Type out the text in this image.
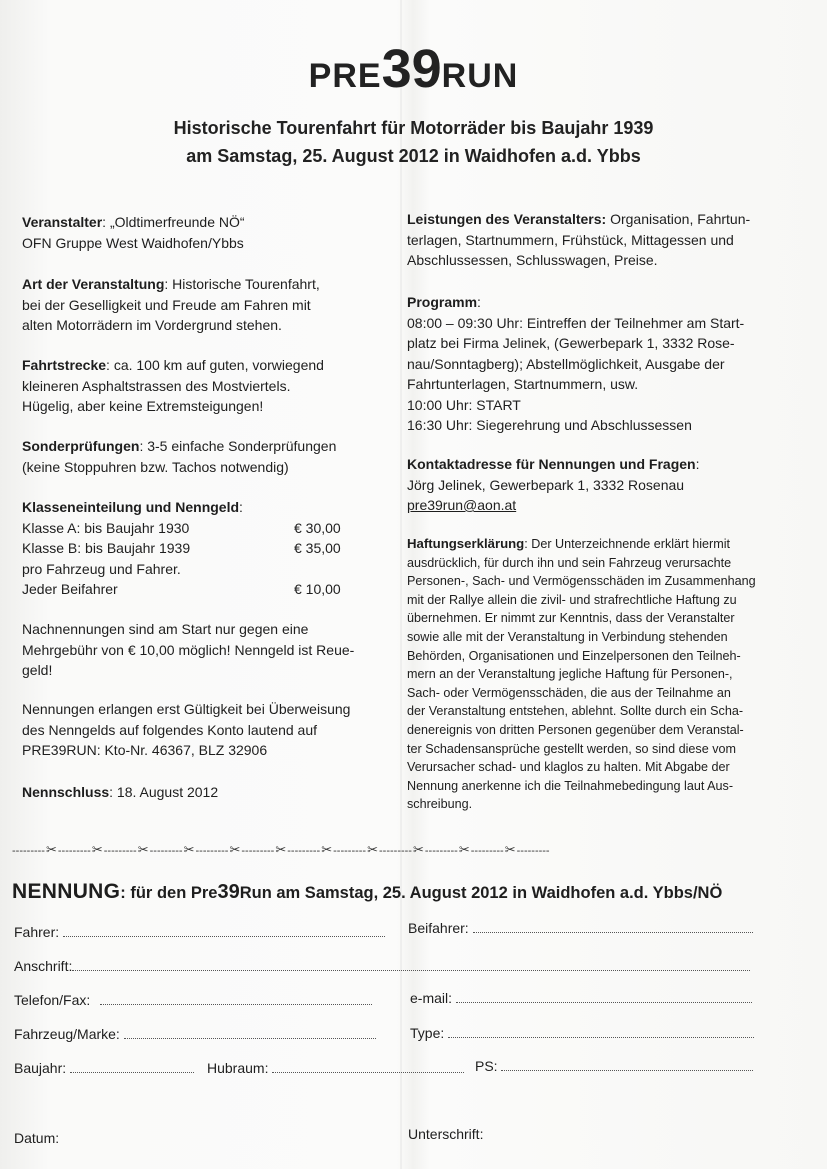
PRE39RUN
Historische Tourenfahrt für Motorräder bis Baujahr 1939
am Samstag, 25. August 2012 in Waidhofen a.d. Ybbs

Veranstalter: „Oldtimerfreunde NÖ“

OFN Gruppe West Waidhofen/Ybbs

Art der Veranstaltung: Historische Tourenfahrt,

bei der Geselligkeit und Freude am Fahren mit

alten Motorrädern im Vordergrund stehen.

Fahrtstrecke: ca. 100 km auf guten, vorwiegend

kleineren Asphaltstrassen des Mostviertels.

Hügelig, aber keine Extremsteigungen!

Sonderprüfungen: 3-5 einfache Sonderprüfungen

(keine Stoppuhren bzw. Tachos notwendig)

Klasseneinteilung und Nenngeld:

Klasse A: bis Baujahr 1930	€ 30,00

Klasse B: bis Baujahr 1939	€ 35,00

pro Fahrzeug und Fahrer.

Jeder Beifahrer	€ 10,00

Nachnennungen sind am Start nur gegen eine

Mehrgebühr von € 10,00 möglich! Nenngeld ist Reue-

geld!

Nennungen erlangen erst Gültigkeit bei Überweisung

des Nenngelds auf folgendes Konto lautend auf

PRE39RUN: Kto-Nr. 46367, BLZ 32906

Nennschluss: 18. August 2012

Leistungen des Veranstalters: Organisation, Fahrtun-

terlagen, Startnummern, Frühstück, Mittagessen und

Abschlussessen, Schlusswagen, Preise.

Programm:

08:00 – 09:30 Uhr: Eintreffen der Teilnehmer am Start-

platz bei Firma Jelinek, (Gewerbepark 1, 3332 Rose-

nau/Sonntagberg); Abstellmöglichkeit, Ausgabe der

Fahrtunterlagen, Startnummern, usw.

10:00 Uhr: START

16:30 Uhr: Siegerehrung und Abschlussessen

Kontaktadresse für Nennungen und Fragen:

Jörg Jelinek, Gewerbepark 1, 3332 Rosenau

pre39run@aon.at

Haftungserklärung: Der Unterzeichnende erklärt hiermit

ausdrücklich, für durch ihn und sein Fahrzeug verursachte

Personen-, Sach- und Vermögensschäden im Zusammenhang

mit der Rallye allein die zivil- und strafrechtliche Haftung zu

übernehmen. Er nimmt zur Kenntnis, dass der Veranstalter

sowie alle mit der Veranstaltung in Verbindung stehenden

Behörden, Organisationen und Einzelpersonen den Teilneh-

mern an der Veranstaltung jegliche Haftung für Personen-,

Sach- oder Vermögensschäden, die aus der Teilnahme an

der Veranstaltung entstehen, ablehnt. Sollte durch ein Scha-

denereignis von dritten Personen gegenüber dem Veranstal-

ter Schadensansprüche gestellt werden, so sind diese vom

Verursacher schad- und klaglos zu halten. Mit Abgabe der

Nennung anerkenne ich die Teilnahmebedingung laut Aus-

schreibung.

---------✂---------✂---------✂---------✂---------✂---------✂---------✂---------✂---------✂---------✂---------✂---------
NENNUNG: für den Pre39Run am Samstag, 25. August 2012 in Waidhofen a.d. Ybbs/NÖ
Fahrer:	Beifahrer:
Anschrift:
Telefon/Fax:	e-mail:
Fahrzeug/Marke:	Type:
Baujahr:	Hubraum:	PS:
Datum:	Unterschrift:
